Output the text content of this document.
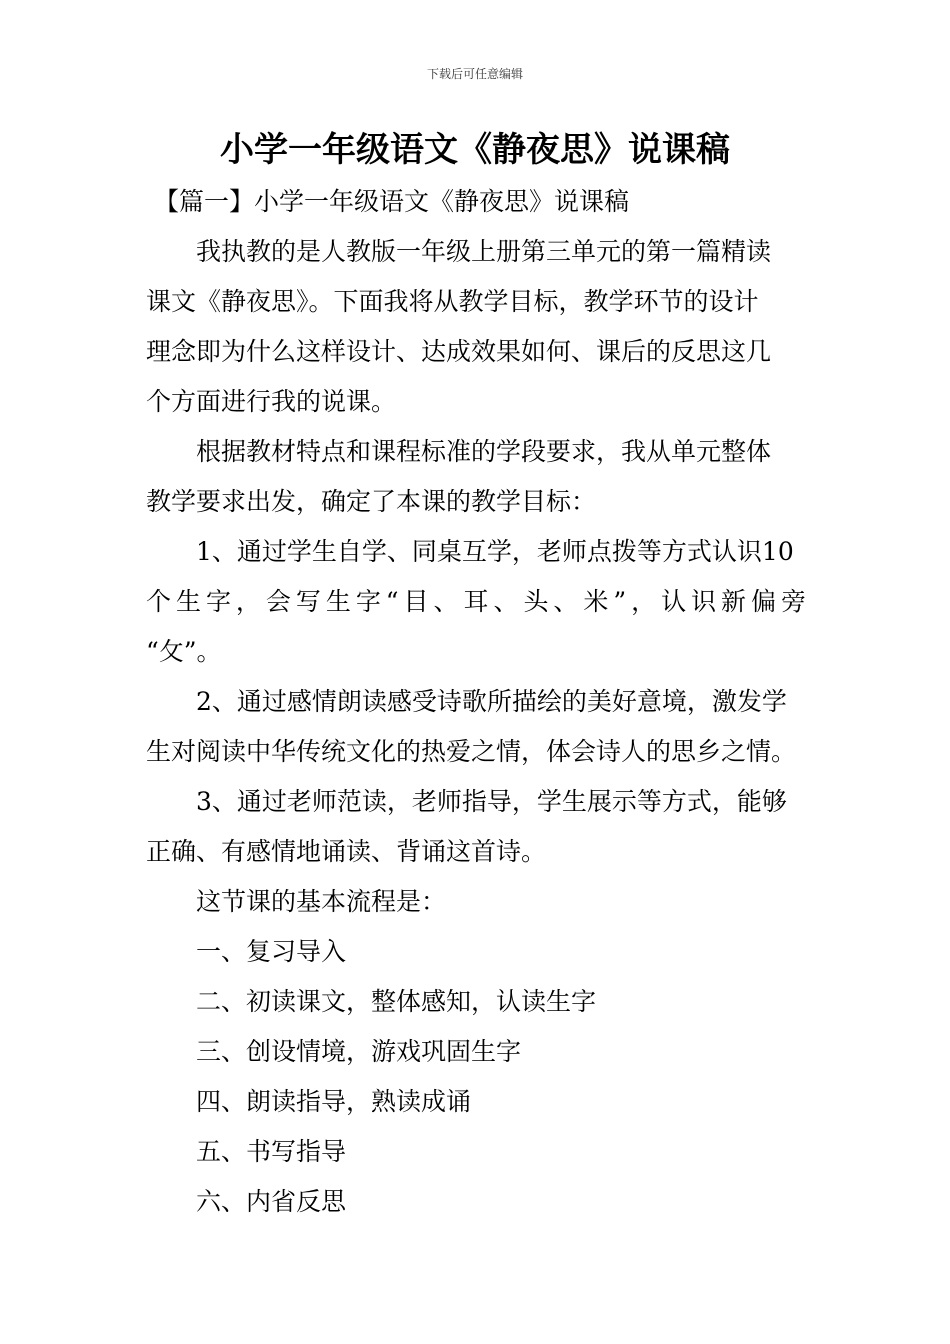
下载后可任意编辑
小学一年级语文《静夜思》说课稿
【篇一】小学一年级语文《静夜思》说课稿
我执教的是人教版一年级上册第三单元的第一篇精读
课文《静夜思》。下面我将从教学目标，教学环节的设计
理念即为什么这样设计、达成效果如何、课后的反思这几
个方面进行我的说课。
根据教材特点和课程标准的学段要求，我从单元整体
教学要求出发，确定了本课的教学目标：
1、通过学生自学、同桌互学，老师点拨等方式认识10
个生字，会写生字“目、耳、头、米”，认识新偏旁
“攵”。
2、通过感情朗读感受诗歌所描绘的美好意境，激发学
生对阅读中华传统文化的热爱之情，体会诗人的思乡之情。
3、通过老师范读，老师指导，学生展示等方式，能够
正确、有感情地诵读、背诵这首诗。
这节课的基本流程是：
一、复习导入
二、初读课文，整体感知，认读生字
三、创设情境，游戏巩固生字
四、朗读指导，熟读成诵
五、书写指导
六、内省反思
